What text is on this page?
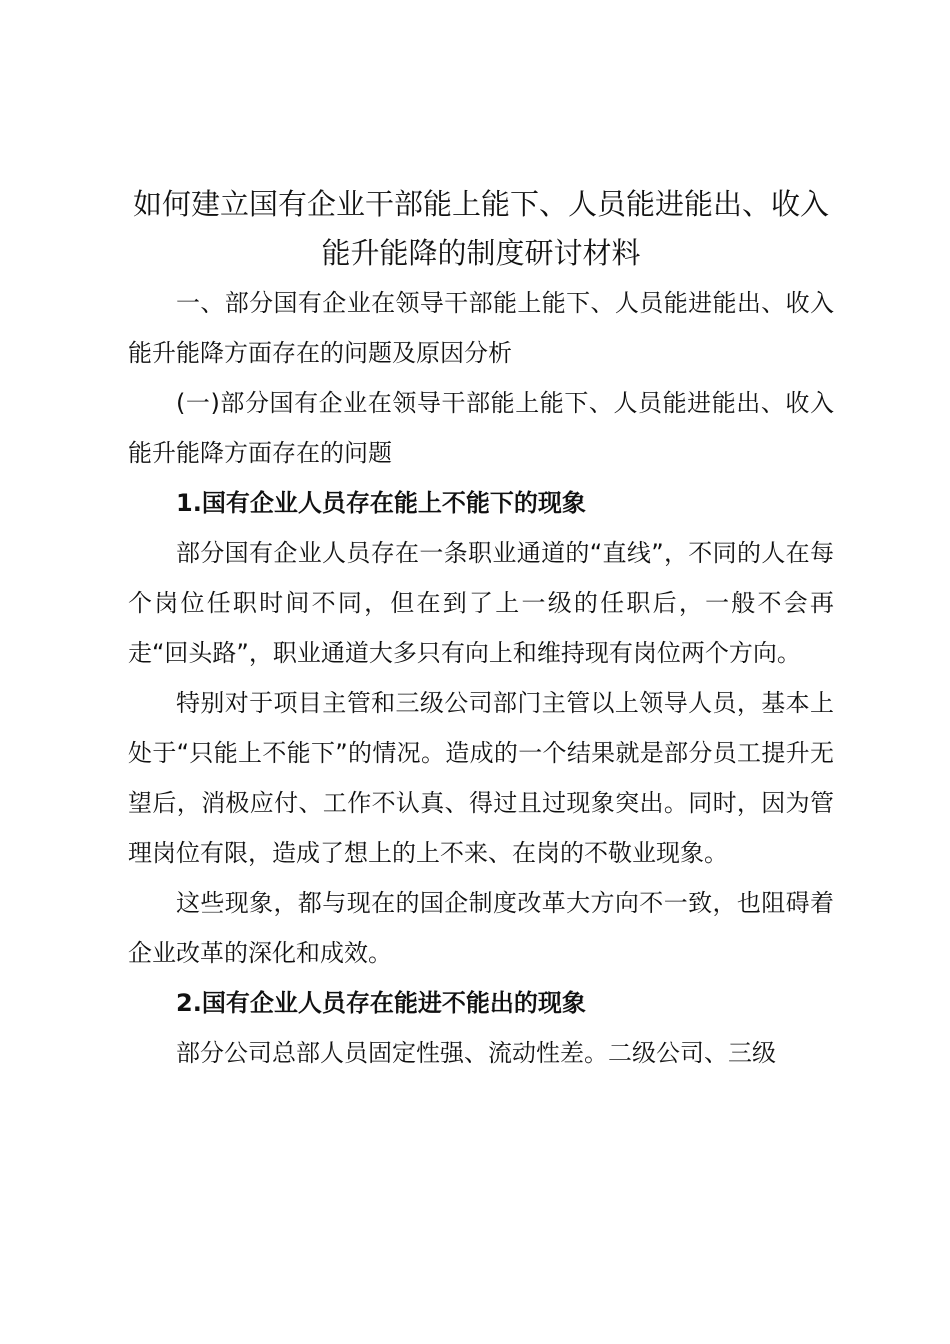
如何建立国有企业干部能上能下、人员能进能出、收入
能升能降的制度研讨材料

一、部分国有企业在领导干部能上能下、人员能进能出、收入能升能降方面存在的问题及原因分析

(一)部分国有企业在领导干部能上能下、人员能进能出、收入能升能降方面存在的问题

1.国有企业人员存在能上不能下的现象

部分国有企业人员存在一条职业通道的“直线”，不同的人在每个岗位任职时间不同，但在到了上一级的任职后，一般不会再走“回头路”，职业通道大多只有向上和维持现有岗位两个方向。

特别对于项目主管和三级公司部门主管以上领导人员，基本上处于“只能上不能下”的情况。造成的一个结果就是部分员工提升无望后，消极应付、工作不认真、得过且过现象突出。同时，因为管理岗位有限，造成了想上的上不来、在岗的不敬业现象。

这些现象，都与现在的国企制度改革大方向不一致，也阻碍着企业改革的深化和成效。

2.国有企业人员存在能进不能出的现象

部分公司总部人员固定性强、流动性差。二级公司、三级
